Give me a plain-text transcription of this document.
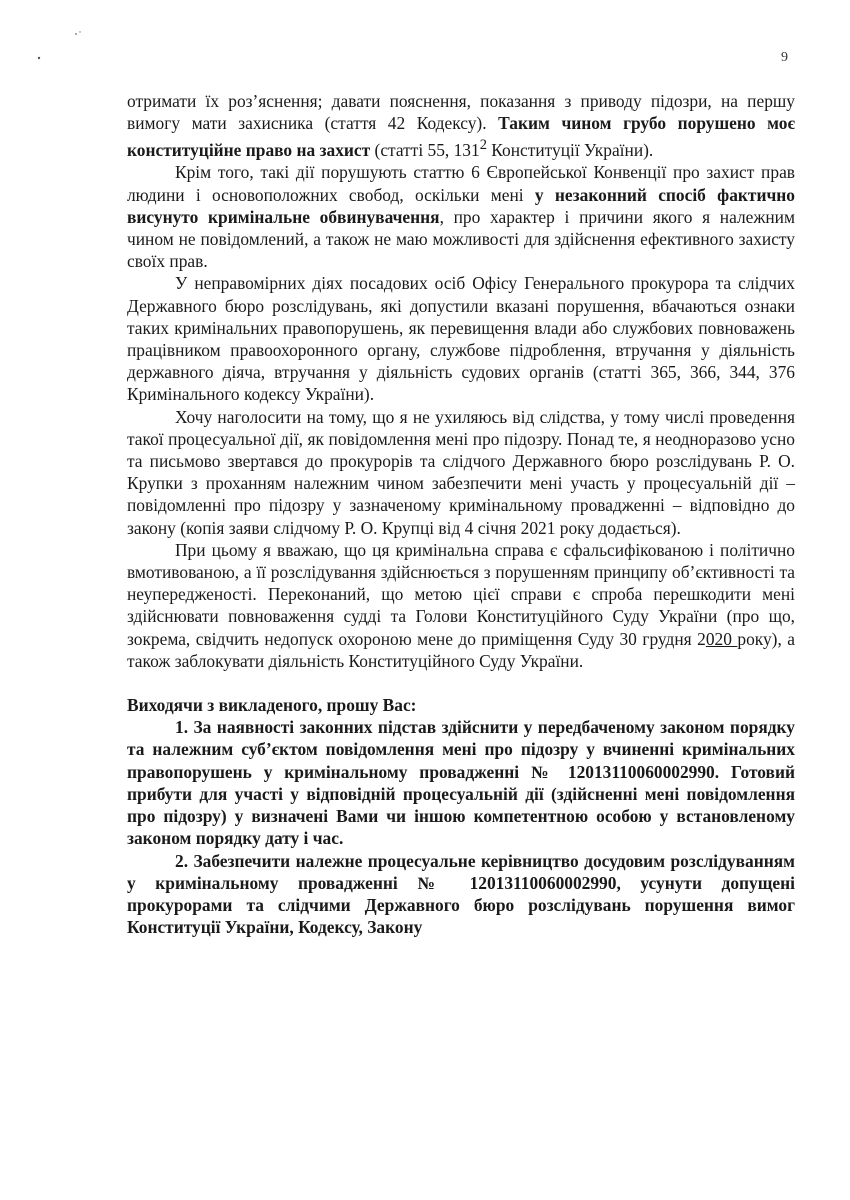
9

отримати їх роз’яснення; давати пояснення, показання з приводу підозри, на першу вимогу мати захисника (стаття 42 Кодексу). Таким чином грубо порушено моє конституційне право на захист (статті 55, $131^2$ Конституції України).

Крім того, такі дії порушують статтю 6 Європейської Конвенції про захист прав людини і основоположних свобод, оскільки мені у незаконний спосіб фактично висунуто кримінальне обвинувачення, про характер і причини якого я належним чином не повідомлений, а також не маю можливості для здійснення ефективного захисту своїх прав.

У неправомірних діях посадових осіб Офісу Генерального прокурора та слідчих Державного бюро розслідувань, які допустили вказані порушення, вбачаються ознаки таких кримінальних правопорушень, як перевищення влади або службових повноважень працівником правоохоронного органу, службове підроблення, втручання у діяльність державного діяча, втручання у діяльність судових органів (статті 365, 366, 344, 376 Кримінального кодексу України).

Хочу наголосити на тому, що я не ухиляюсь від слідства, у тому числі проведення такої процесуальної дії, як повідомлення мені про підозру. Понад те, я неодноразово усно та письмово звертався до прокурорів та слідчого Державного бюро розслідувань Р. О. Крупки з проханням належним чином забезпечити мені участь у процесуальній дії – повідомленні про підозру у зазначеному кримінальному провадженні – відповідно до закону (копія заяви слідчому Р. О. Крупці від 4 січня 2021 року додається).

При цьому я вважаю, що ця кримінальна справа є сфальсифікованою і політично вмотивованою, а її розслідування здійснюється з порушенням принципу об’єктивності та неупередженості. Переконаний, що метою цієї справи є спроба перешкодити мені здійснювати повноваження судді та Голови Конституційного Суду України (про що, зокрема, свідчить недопуск охороною мене до приміщення Суду 30 грудня 2020 року), а також заблокувати діяльність Конституційного Суду України.

Виходячи з викладеного, прошу Вас:

1. За наявності законних підстав здійснити у передбаченому законом порядку та належним суб’єктом повідомлення мені про підозру у вчиненні кримінальних правопорушень у кримінальному провадженні № 12013110060002990. Готовий прибути для участі у відповідній процесуальній дії (здійсненні мені повідомлення про підозру) у визначені Вами чи іншою компетентною особою у встановленому законом порядку дату і час.

2. Забезпечити належне процесуальне керівництво досудовим розслідуванням у кримінальному провадженні № 12013110060002990, усунути допущені прокурорами та слідчими Державного бюро розслідувань порушення вимог Конституції України, Кодексу, Закону
